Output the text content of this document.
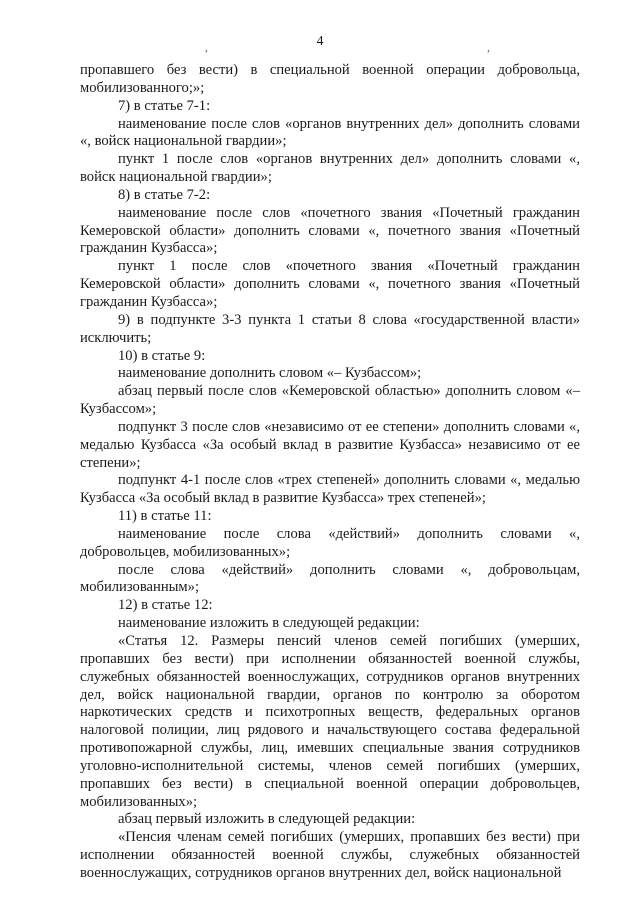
4
,	,

пропавшего без вести) в специальной военной операции добровольца, мобилизованного;»;

7) в статье 7-1:

наименование после слов «органов внутренних дел» дополнить словами «, войск национальной гвардии»;

пункт 1 после слов «органов внутренних дел» дополнить словами «, войск национальной гвардии»;

8) в статье 7-2:

наименование после слов «почетного звания «Почетный гражданин Кемеровской области» дополнить словами «, почетного звания «Почетный гражданин Кузбасса»;

пункт 1 после слов «почетного звания «Почетный гражданин Кемеровской области» дополнить словами «, почетного звания «Почетный гражданин Кузбасса»;

9) в подпункте 3-3 пункта 1 статьи 8 слова «государственной власти» исключить;

10) в статье 9:

наименование дополнить словом «– Кузбассом»;

абзац первый после слов «Кемеровской областью» дополнить словом «– Кузбассом»;

подпункт 3 после слов «независимо от ее степени» дополнить словами «, медалью Кузбасса «За особый вклад в развитие Кузбасса» независимо от ее степени»;

подпункт 4-1 после слов «трех степеней» дополнить словами «, медалью Кузбасса «За особый вклад в развитие Кузбасса» трех степеней»;

11) в статье 11:

наименование после слова «действий» дополнить словами «, добровольцев, мобилизованных»;

после слова «действий» дополнить словами «, добровольцам, мобилизованным»;

12) в статье 12:

наименование изложить в следующей редакции:

«Статья 12. Размеры пенсий членов семей погибших (умерших, пропавших без вести) при исполнении обязанностей военной службы, служебных обязанностей военнослужащих, сотрудников органов внутренних дел, войск национальной гвардии, органов по контролю за оборотом наркотических средств и психотропных веществ, федеральных органов налоговой полиции, лиц рядового и начальствующего состава федеральной противопожарной службы, лиц, имевших специальные звания сотрудников уголовно-исполнительной системы, членов семей погибших (умерших, пропавших без вести) в специальной военной операции добровольцев, мобилизованных»;

абзац первый изложить в следующей редакции:

«Пенсия членам семей погибших (умерших, пропавших без вести) при исполнении обязанностей военной службы, служебных обязанностей военнослужащих, сотрудников органов внутренних дел, войск национальной
